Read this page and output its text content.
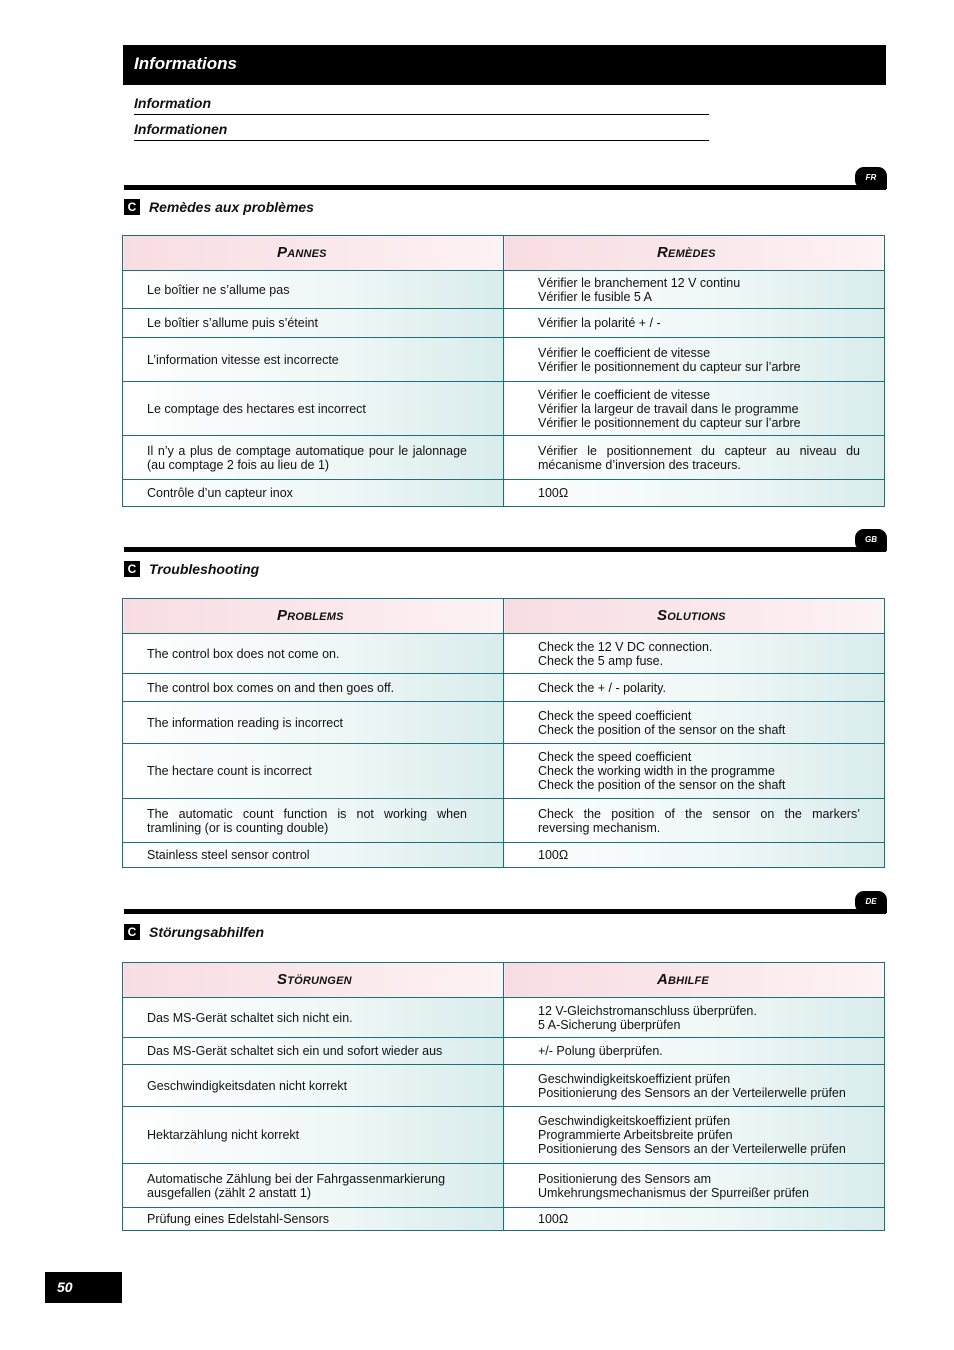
Informations
Information
Informationen
FR
C Remèdes aux problèmes
Pannes	Remèdes

Le boîtier ne s’allume pas	Vérifier le branchement 12 V continu
Vérifier le fusible 5 A

Le boîtier s’allume puis s’éteint	Vérifier la polarité + / -

L’information vitesse est incorrecte	Vérifier le coefficient de vitesse
Vérifier le positionnement du capteur sur l’arbre

Le comptage des hectares est incorrect	Vérifier le coefficient de vitesse
Vérifier la largeur de travail dans le programme
Vérifier le positionnement du capteur sur l’arbre

Il n’y a plus de comptage automatique pour le jalonnage (au comptage 2 fois au lieu de 1)	Vérifier le positionnement du capteur au niveau du mécanisme d’inversion des traceurs.

Contrôle d’un capteur inox	100Ω
GB
C Troubleshooting
Problems	Solutions

The control box does not come on.	Check the 12 V DC connection.
Check the 5 amp fuse.

The control box comes on and then goes off.	Check the + / - polarity.

The information reading is incorrect	Check the speed coefficient
Check the position of the sensor on the shaft

The hectare count is incorrect	Check the speed coefficient
Check the working width in the programme
Check the position of the sensor on the shaft

The automatic count function is not working when tramlining (or is counting double)	Check the position of the sensor on the markers’ reversing mechanism.

Stainless steel sensor control	100Ω
DE
C Störungsabhilfen
Störungen	Abhilfe

Das MS-Gerät schaltet sich nicht ein.	12 V-Gleichstromanschluss überprüfen.
5 A-Sicherung überprüfen

Das MS-Gerät schaltet sich ein und sofort wieder aus	+/- Polung überprüfen.

Geschwindigkeitsdaten nicht korrekt	Geschwindigkeitskoeffizient prüfen
Positionierung des Sensors an der Verteilerwelle prüfen

Hektarzählung nicht korrekt	Geschwindigkeitskoeffizient prüfen
Programmierte Arbeitsbreite prüfen
Positionierung des Sensors an der Verteilerwelle prüfen

Automatische Zählung bei der Fahrgassenmarkierung ausgefallen (zählt 2 anstatt 1)	Positionierung des Sensors am Umkehrungsmechanismus der Spurreißer prüfen

Prüfung eines Edelstahl-Sensors	100Ω
50
